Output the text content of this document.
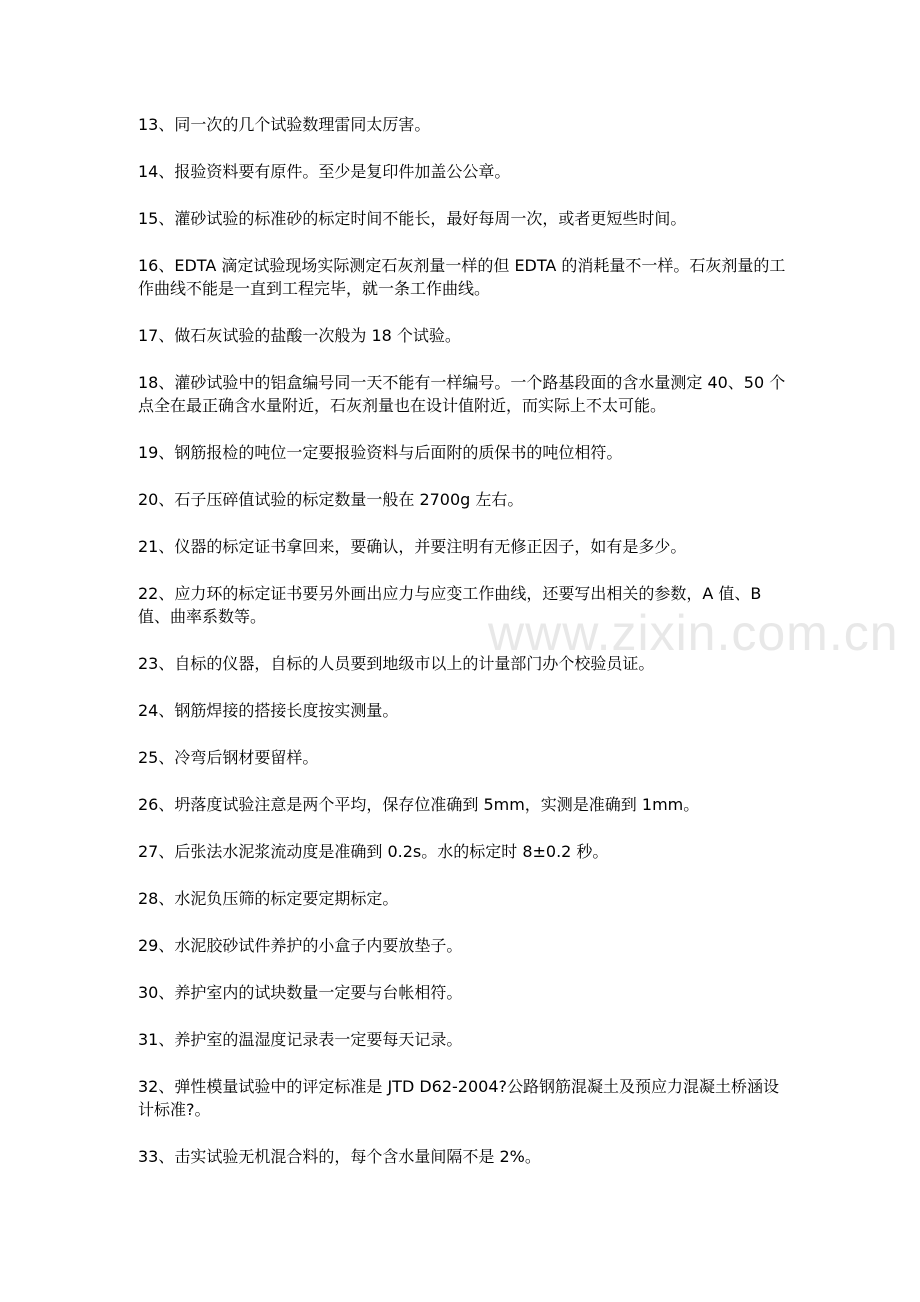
13、同一次的几个试验数理雷同太厉害。
14、报验资料要有原件。至少是复印件加盖公公章。
15、灌砂试验的标准砂的标定时间不能长，最好每周一次，或者更短些时间。
16、EDTA 滴定试验现场实际测定石灰剂量一样的但 EDTA 的消耗量不一样。石灰剂量的工作曲线不能是一直到工程完毕，就一条工作曲线。
17、做石灰试验的盐酸一次般为 18 个试验。
18、灌砂试验中的铝盒编号同一天不能有一样编号。一个路基段面的含水量测定 40、50 个点全在最正确含水量附近，石灰剂量也在设计值附近，而实际上不太可能。
19、钢筋报检的吨位一定要报验资料与后面附的质保书的吨位相符。
20、石子压碎值试验的标定数量一般在 2700g 左右。
21、仪器的标定证书拿回来，要确认，并要注明有无修正因子，如有是多少。
22、应力环的标定证书要另外画出应力与应变工作曲线，还要写出相关的参数，A 值、B 值、曲率系数等。
23、自标的仪器，自标的人员要到地级市以上的计量部门办个校验员证。
24、钢筋焊接的搭接长度按实测量。
25、冷弯后钢材要留样。
26、坍落度试验注意是两个平均，保存位准确到 5mm，实测是准确到 1mm。
27、后张法水泥浆流动度是准确到 0.2s。水的标定时 8±0.2 秒。
28、水泥负压筛的标定要定期标定。
29、水泥胶砂试件养护的小盒子内要放垫子。
30、养护室内的试块数量一定要与台帐相符。
31、养护室的温湿度记录表一定要每天记录。
32、弹性模量试验中的评定标准是 JTD D62-2004?公路钢筋混凝土及预应力混凝土桥涵设计标准?。
33、击实试验无机混合料的，每个含水量间隔不是 2%。
www.zixin.com.cn
